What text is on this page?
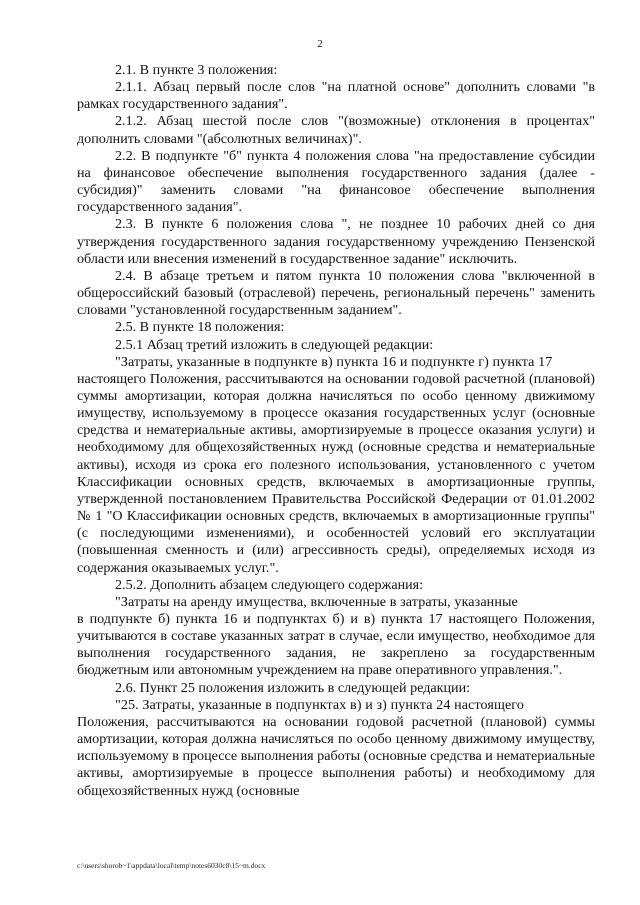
2

2.1. В пункте 3 положения:

2.1.1. Абзац первый после слов "на платной основе" дополнить словами "в рамках государственного задания".

2.1.2. Абзац шестой после слов "(возможные) отклонения в процентах" дополнить словами "(абсолютных величинах)".

2.2. В подпункте "б" пункта 4 положения слова "на предоставление субсидии на финансовое обеспечение выполнения государственного задания (далее - субсидия)" заменить словами "на финансовое обеспечение выполнения государственного задания".

2.3. В пункте 6 положения слова ", не позднее 10 рабочих дней со дня утверждения государственного задания государственному учреждению Пензенской области или внесения изменений в государственное задание" исключить.

2.4. В абзаце третьем и пятом пункта 10 положения слова "включенной в общероссийский базовый (отраслевой) перечень, региональный перечень" заменить словами "установленной государственным заданием".

2.5. В пункте 18 положения:

2.5.1 Абзац третий изложить в следующей редакции:

"Затраты, указанные в подпункте в) пункта 16 и подпункте г) пункта 17

настоящего Положения, рассчитываются на основании годовой расчетной (плановой) суммы амортизации, которая должна начисляться по особо ценному движимому имуществу, используемому в процессе оказания государственных услуг (основные средства и нематериальные активы, амортизируемые в процессе оказания услуги) и необходимому для общехозяйственных нужд (основные средства и нематериальные активы), исходя из срока его полезного использования, установленного с учетом Классификации основных средств, включаемых в амортизационные группы, утвержденной постановлением Правительства Российской Федерации от 01.01.2002 № 1 "О Классификации основных средств, включаемых в амортизационные группы" (с последующими изменениями), и особенностей условий его эксплуатации (повышенная сменность и (или) агрессивность среды), определяемых исходя из содержания оказываемых услуг.".

2.5.2. Дополнить абзацем следующего содержания:

"Затраты на аренду имущества, включенные в затраты, указанные

в подпункте б) пункта 16 и подпунктах б) и в) пункта 17 настоящего Положения, учитываются в составе указанных затрат в случае, если имущество, необходимое для выполнения государственного задания, не закреплено за государственным бюджетным или автономным учреждением на праве оперативного управления.".

2.6. Пункт 25 положения изложить в следующей редакции:

"25. Затраты, указанные в подпунктах в) и з) пункта 24 настоящего

Положения, рассчитываются на основании годовой расчетной (плановой) суммы амортизации, которая должна начисляться по особо ценному движимому имуществу, используемому в процессе выполнения работы (основные средства и нематериальные активы, амортизируемые в процессе выполнения работы) и необходимому для общехозяйственных нужд (основные

c:\users\shorob~1\appdata\local\temp\notes6030c8\15~m.docx
